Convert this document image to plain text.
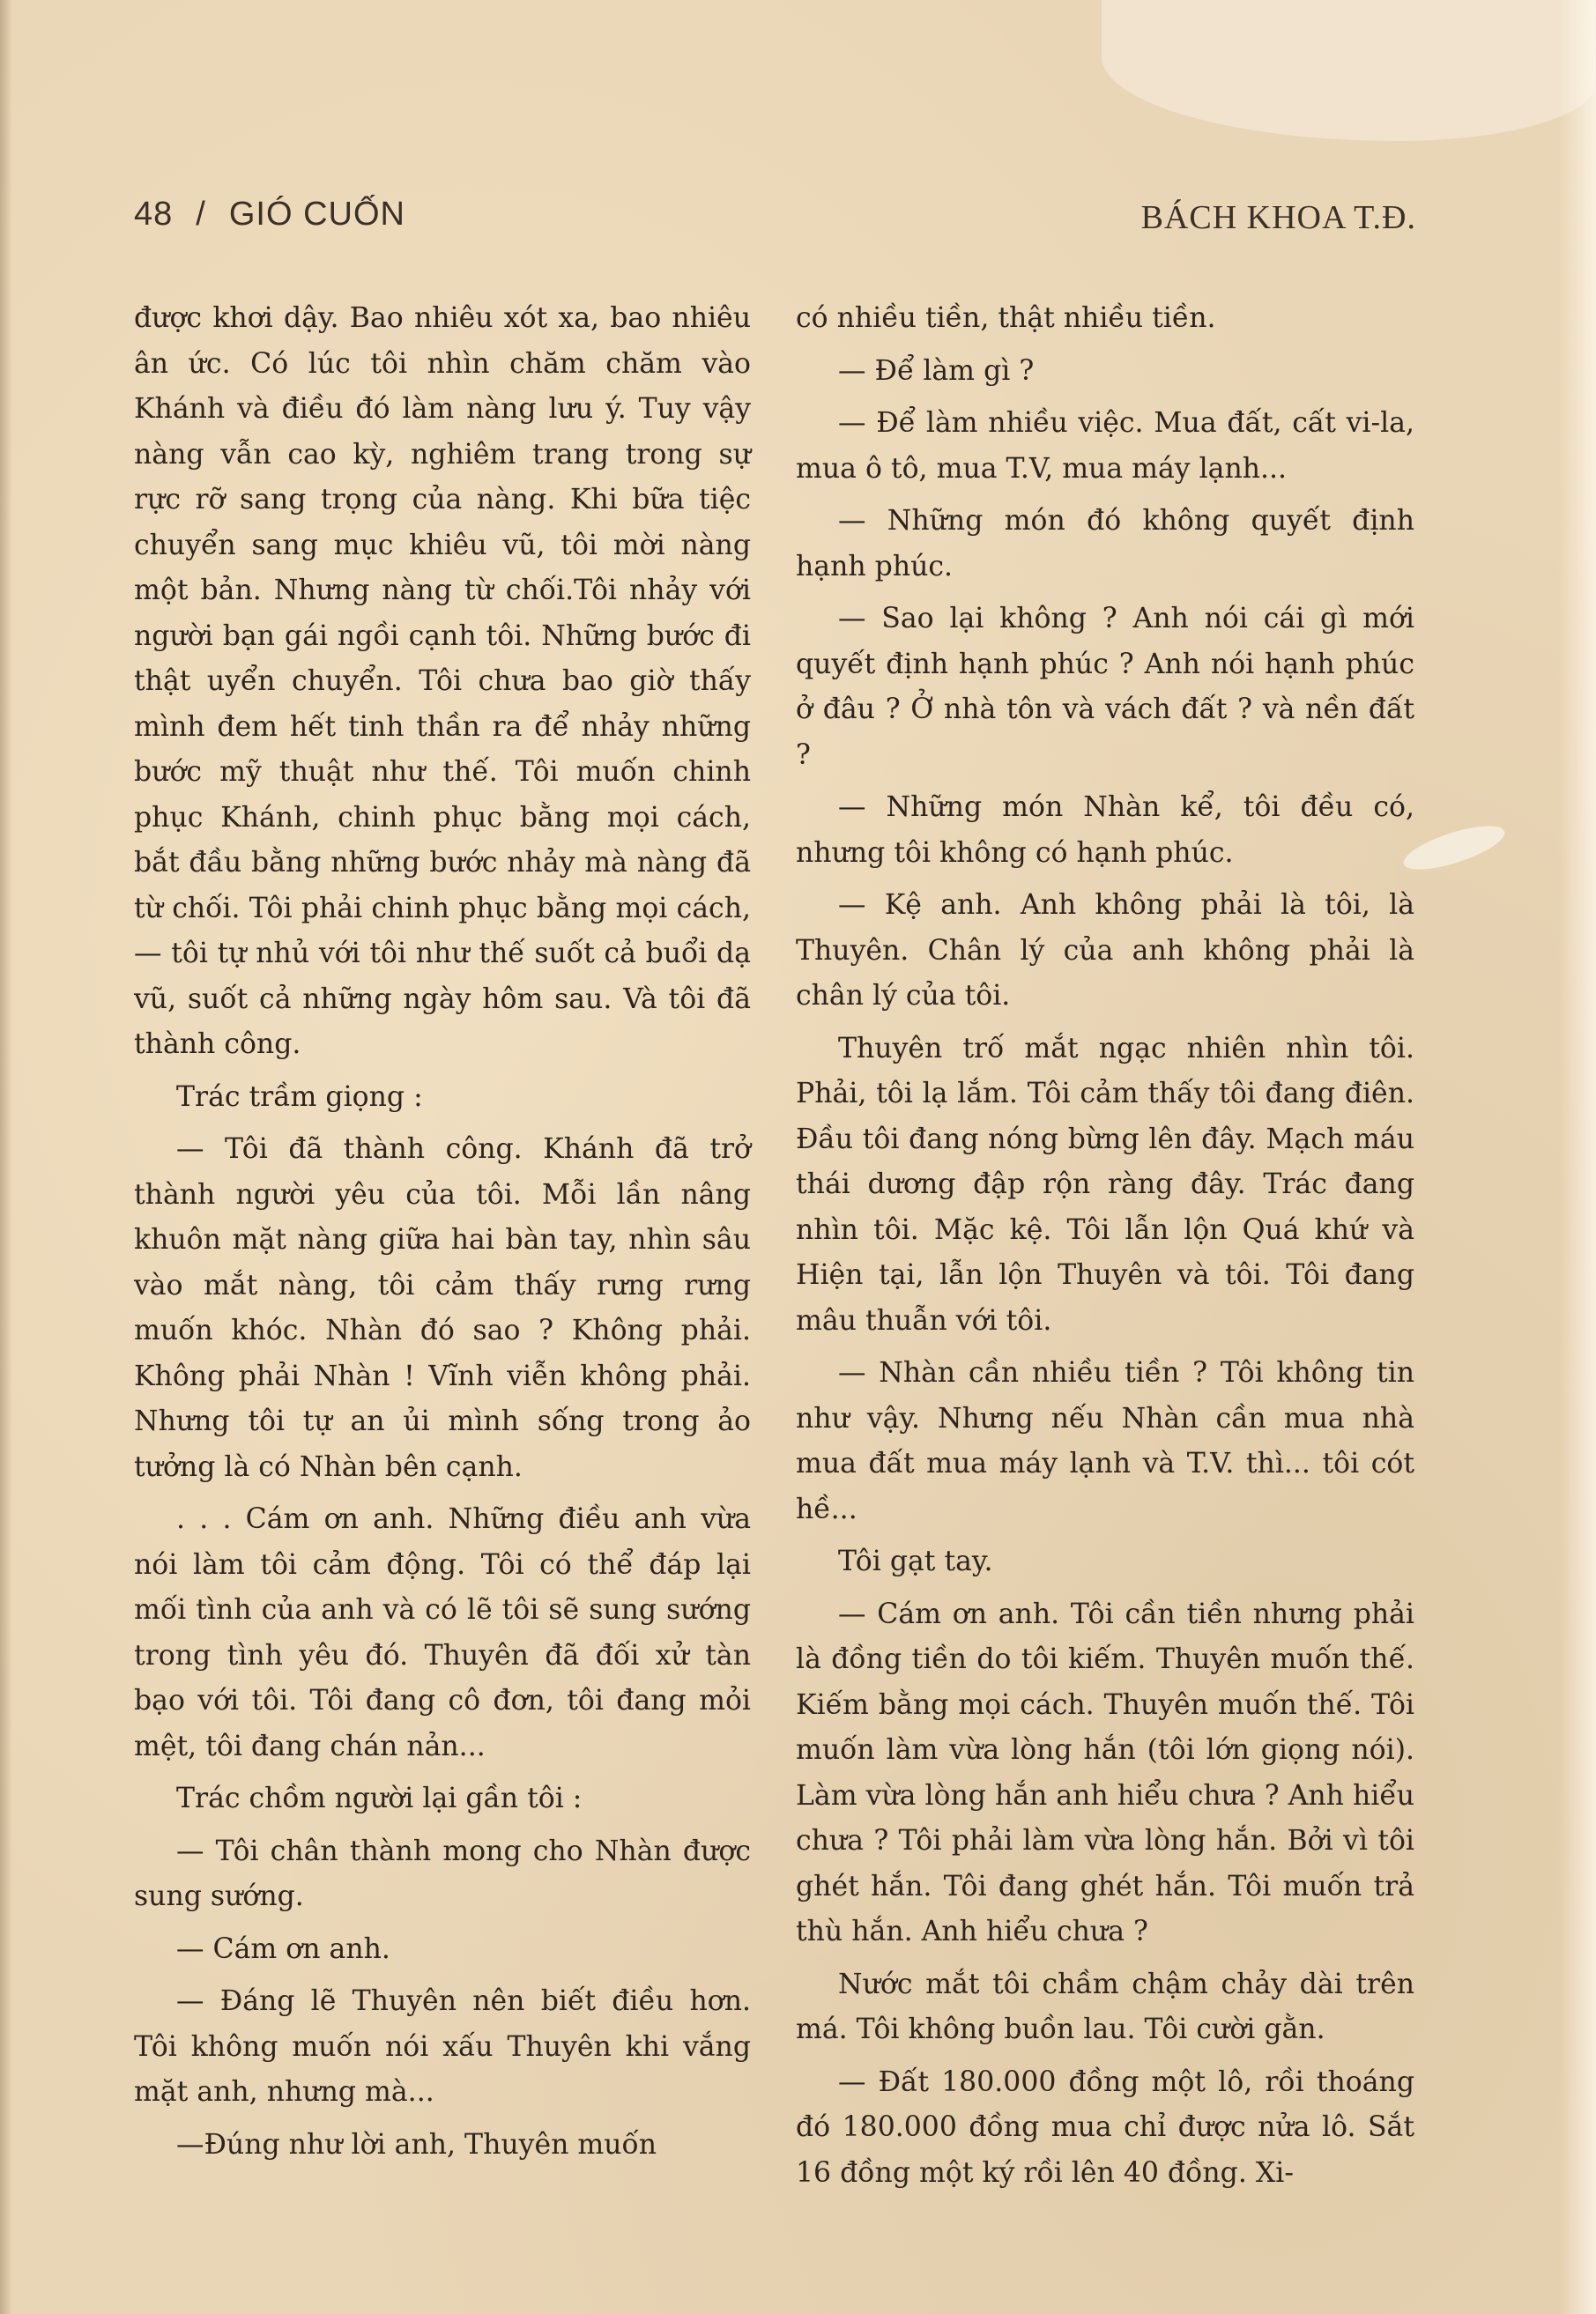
48 / GIÓ CUỐN	BÁCH KHOA T.Đ.

được khơi dậy. Bao nhiêu xót xa, bao nhiêu ân ức. Có lúc tôi nhìn chăm chăm vào Khánh và điều đó làm nàng lưu ý. Tuy vậy nàng vẫn cao kỳ, nghiêm trang trong sự rực rỡ sang trọng của nàng. Khi bữa tiệc chuyển sang mục khiêu vũ, tôi mời nàng một bản. Nhưng nàng từ chối.Tôi nhảy với người bạn gái ngồi cạnh tôi. Những bước đi thật uyển chuyển. Tôi chưa bao giờ thấy mình đem hết tinh thần ra để nhảy những bước mỹ thuật như thế. Tôi muốn chinh phục Khánh, chinh phục bằng mọi cách, bắt đầu bằng những bước nhảy mà nàng đã từ chối. Tôi phải chinh phục bằng mọi cách,— tôi tự nhủ với tôi như thế suốt cả buổi dạ vũ, suốt cả những ngày hôm sau. Và tôi đã thành công.

Trác trầm giọng :

— Tôi đã thành công. Khánh đã trở thành người yêu của tôi. Mỗi lần nâng khuôn mặt nàng giữa hai bàn tay, nhìn sâu vào mắt nàng, tôi cảm thấy rưng rưng muốn khóc. Nhàn đó sao ? Không phải. Không phải Nhàn ! Vĩnh viễn không phải. Nhưng tôi tự an ủi mình sống trong ảo tưởng là có Nhàn bên cạnh.

. . . Cám ơn anh. Những điều anh vừa nói làm tôi cảm động. Tôi có thể đáp lại mối tình của anh và có lẽ tôi sẽ sung sướng trong tình yêu đó. Thuyên đã đối xử tàn bạo với tôi. Tôi đang cô đơn, tôi đang mỏi mệt, tôi đang chán nản...

Trác chồm người lại gần tôi :

— Tôi chân thành mong cho Nhàn được sung sướng.

— Cám ơn anh.

— Đáng lẽ Thuyên nên biết điều hơn. Tôi không muốn nói xấu Thuyên khi vắng mặt anh, nhưng mà...

—Đúng như lời anh, Thuyên muốn

có nhiều tiền, thật nhiều tiền.

— Để làm gì ?

— Để làm nhiều việc. Mua đất, cất vi-la, mua ô tô, mua T.V, mua máy lạnh...

— Những món đó không quyết định hạnh phúc.

— Sao lại không ? Anh nói cái gì mới quyết định hạnh phúc ? Anh nói hạnh phúc ở đâu ? Ở nhà tôn và vách đất ? và nền đất ?

— Những món Nhàn kể, tôi đều có, nhưng tôi không có hạnh phúc.

— Kệ anh. Anh không phải là tôi, là Thuyên. Chân lý của anh không phải là chân lý của tôi.

Thuyên trố mắt ngạc nhiên nhìn tôi. Phải, tôi lạ lắm. Tôi cảm thấy tôi đang điên. Đầu tôi đang nóng bừng lên đây. Mạch máu thái dương đập rộn ràng đây. Trác đang nhìn tôi. Mặc kệ. Tôi lẫn lộn Quá khứ và Hiện tại, lẫn lộn Thuyên và tôi. Tôi đang mâu thuẫn với tôi.

— Nhàn cần nhiều tiền ? Tôi không tin như vậy. Nhưng nếu Nhàn cần mua nhà mua đất mua máy lạnh và T.V. thì... tôi cót hề...

Tôi gạt tay.

— Cám ơn anh. Tôi cần tiền nhưng phải là đồng tiền do tôi kiếm. Thuyên muốn thế. Kiếm bằng mọi cách. Thuyên muốn thế. Tôi muốn làm vừa lòng hắn (tôi lớn giọng nói). Làm vừa lòng hắn anh hiểu chưa ? Anh hiểu chưa ? Tôi phải làm vừa lòng hắn. Bởi vì tôi ghét hắn. Tôi đang ghét hắn. Tôi muốn trả thù hắn. Anh hiểu chưa ?

Nước mắt tôi chầm chậm chảy dài trên má. Tôi không buồn lau. Tôi cười gằn.

— Đất 180.000 đồng một lô, rồi thoáng đó 180.000 đồng mua chỉ được nửa lô. Sắt 16 đồng một ký rồi lên 40 đồng. Xi-
